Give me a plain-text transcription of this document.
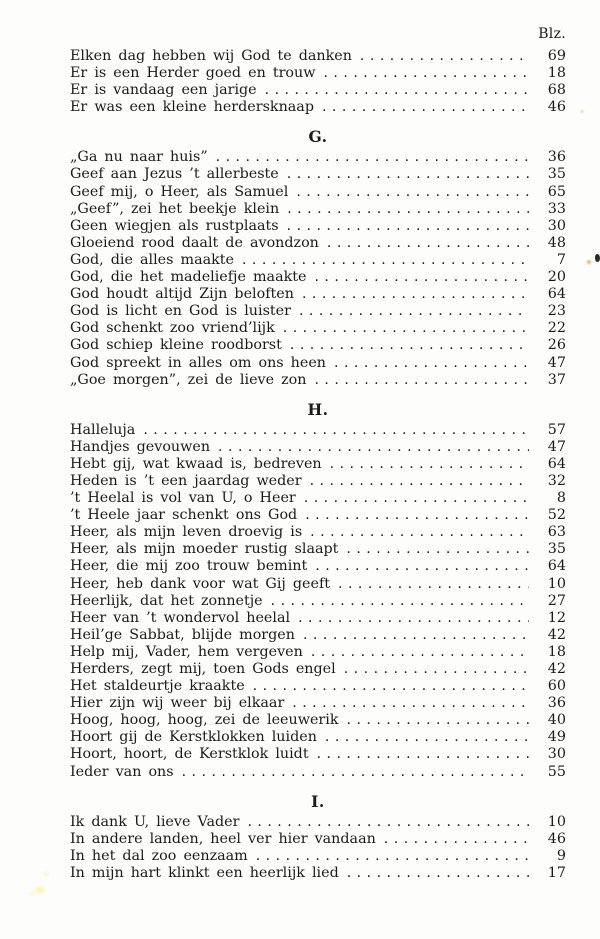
Blz.
Elken dag hebben wij God te danken .....	69
Er is een Herder goed en trouw .....	18
Er is vandaag een jarige .....	68
Er was een kleine herdersknaap .....	46
G.
„Ga nu naar huis” .....	36
Geef aan Jezus ’t allerbeste .....	35
Geef mij, o Heer, als Samuel .....	65
„Geef”, zei het beekje klein .....	33
Geen wiegjen als rustplaats .....	30
Gloeiend rood daalt de avondzon .....	48
God, die alles maakte .....	7
God, die het madeliefje maakte .....	20
God houdt altijd Zijn beloften .....	64
God is licht en God is luister .....	23
God schenkt zoo vriend’lijk .....	22
God schiep kleine roodborst .....	26
God spreekt in alles om ons heen .....	47
„Goe morgen”, zei de lieve zon .....	37
H.
Halleluja .....	57
Handjes gevouwen .....	47
Hebt gij, wat kwaad is, bedreven .....	64
Heden is ’t een jaardag weder .....	32
’t Heelal is vol van U, o Heer .....	8
’t Heele jaar schenkt ons God .....	52
Heer, als mijn leven droevig is .....	63
Heer, als mijn moeder rustig slaapt .....	35
Heer, die mij zoo trouw bemint .....	64
Heer, heb dank voor wat Gij geeft .....	10
Heerlijk, dat het zonnetje .....	27
Heer van ’t wondervol heelal .....	12
Heil’ge Sabbat, blijde morgen .....	42
Help mij, Vader, hem vergeven .....	18
Herders, zegt mij, toen Gods engel .....	42
Het staldeurtje kraakte .....	60
Hier zijn wij weer bij elkaar .....	36
Hoog, hoog, hoog, zei de leeuwerik .....	40
Hoort gij de Kerstklokken luiden .....	49
Hoort, hoort, de Kerstklok luidt .....	30
Ieder van ons .....	55
I.
Ik dank U, lieve Vader .....	10
In andere landen, heel ver hier vandaan .....	46
In het dal zoo eenzaam .....	9
In mijn hart klinkt een heerlijk lied .....	17
